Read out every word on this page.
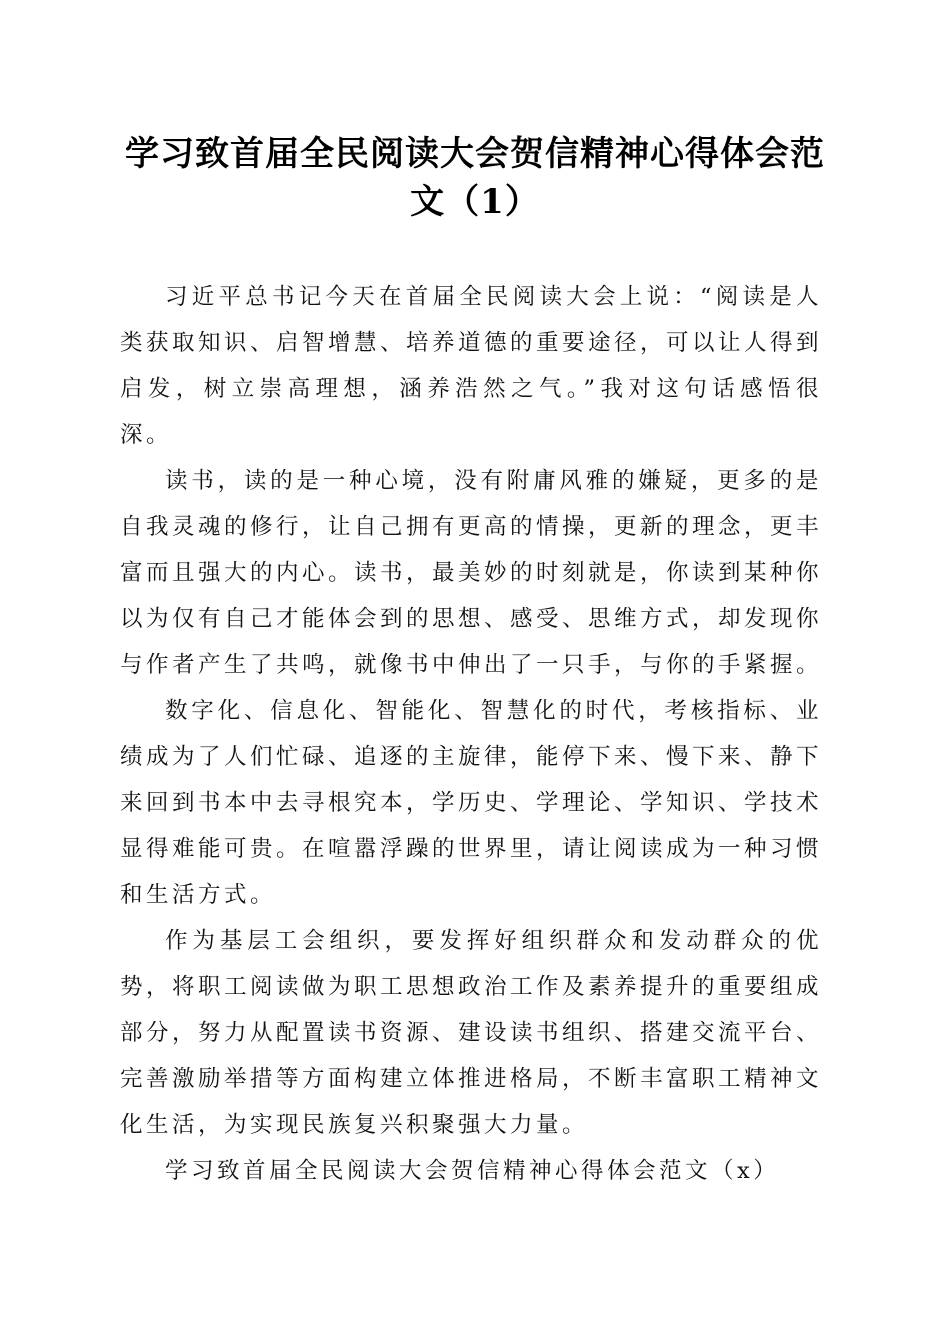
学习致首届全民阅读大会贺信精神心得体会范文（1）

习近平总书记今天在首届全民阅读大会上说：“阅读是人类获取知识、启智增慧、培养道德的重要途径，可以让人得到启发，树立崇高理想，涵养浩然之气。”我对这句话感悟很深。

读书，读的是一种心境，没有附庸风雅的嫌疑，更多的是自我灵魂的修行，让自己拥有更高的情操，更新的理念，更丰富而且强大的内心。读书，最美妙的时刻就是，你读到某种你以为仅有自己才能体会到的思想、感受、思维方式，却发现你与作者产生了共鸣，就像书中伸出了一只手，与你的手紧握。

数字化、信息化、智能化、智慧化的时代，考核指标、业绩成为了人们忙碌、追逐的主旋律，能停下来、慢下来、静下来回到书本中去寻根究本，学历史、学理论、学知识、学技术显得难能可贵。在喧嚣浮躁的世界里，请让阅读成为一种习惯和生活方式。

作为基层工会组织，要发挥好组织群众和发动群众的优势，将职工阅读做为职工思想政治工作及素养提升的重要组成部分，努力从配置读书资源、建设读书组织、搭建交流平台、完善激励举措等方面构建立体推进格局，不断丰富职工精神文化生活，为实现民族复兴积聚强大力量。

学习致首届全民阅读大会贺信精神心得体会范文（x）
